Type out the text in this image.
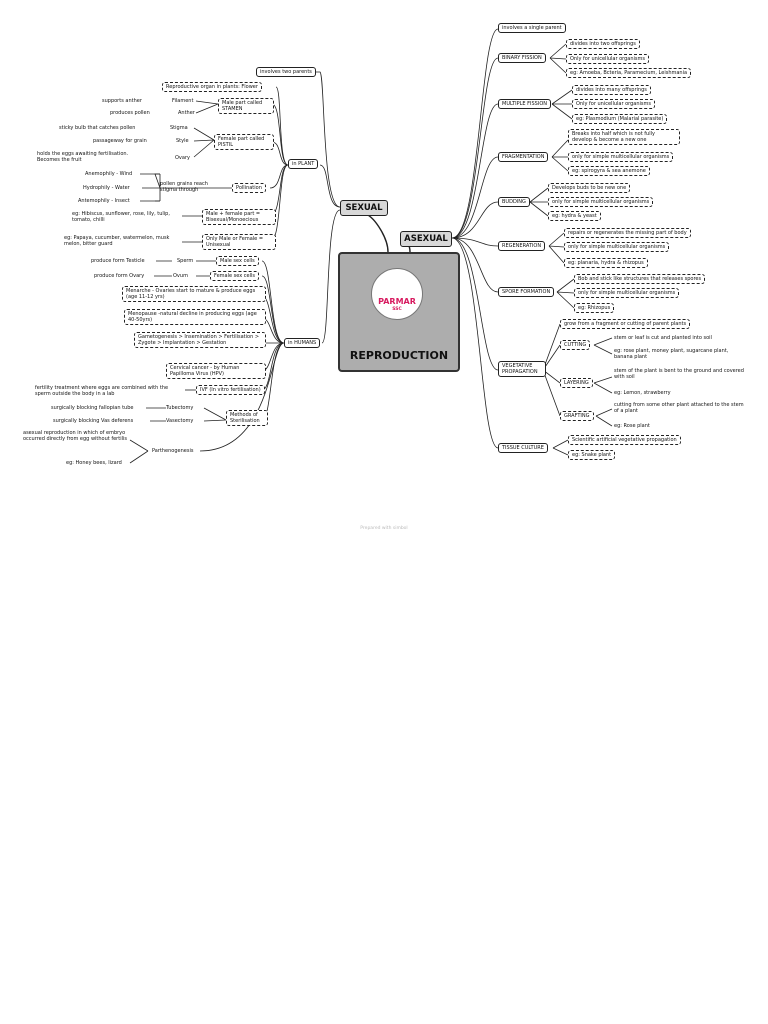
REPRODUCTION
PARMAR
SSC
SEXUAL
ASEXUAL
involves two parents
in PLANT
Reproductive organ in plants: Flower
Male part called STAMEN
Filament
supports anther
Anther
produces pollen
Female part called PISTIL
Stigma
sticky bulb that catches pollen
Style
passageway for grain
Ovary
holds the eggs awaiting fertilisation. Becomes the fruit
Pollination
pollen grains reach stigma through
Anemophily - Wind
Hydrophily - Water
Antemophily - Insect
Male + female part = Bisexual/Monoecious
eg: Hibiscus, sunflower, rose, lily, tulip, tomato, chilli
Only Male or Female = Unisexual
eg: Papaya, cucumber, watermelon, musk melon, bitter guard
in HUMANS
Male sex cells
Sperm
produce form Testicle
Female sex cells
Ovum
produce form Ovary
Menarche - Ovaries start to mature & produce eggs (age 11-12 yrs)
Menopause -natural decline in producing eggs (age 40-50yrs)
Gametogenesis > Insemination > Fertilisation > Zygote > Implantation > Gestation
Cervical cancer - by Human Papilloma Virus (HPV)
IVF (In vitro fertilisation)
fertility treatment where eggs are combined with the sperm outside the body in a lab
Methods of Sterilisation
Tubectomy
surgically blocking fallopian tube
Vasectomy
surgically blocking Vas deferens
Parthenogenesis
asexual reproduction in which of embryo occurred directly from egg without fertilis
eg: Honey bees, lizard
involves a single parent
BINARY FISSION
divides into two offsprings
Only for unicellular organisms
eg: Amoeba, Bcteria, Paramecium, Leishmania
MULTIPLE FISSION
divides into many offsprings
Only for unicellular organisms
eg: Plasmodium (Malarial parasite)
FRAGMENTATION
Breaks into half which is not fully develop & become a new one
only for simple multicellular organisms
eg: spirogyra & sea anemone
BUDDING
Develops buds to be new one
only for simple multicellular organisms
eg: hydra & yeast
REGENERATION
repairs or regenerates the missing part of body
only for simple multicellular organisms
eg: planaria, hydra & rhizopus
SPORE FORMATION
Bob and stick like structures that releases spores
only for simple multicellular organisms
eg: Rhizopus
VEGETATIVE PROPAGATION
grow from a fragment or cutting of parent plants
CUTTING
stem or leaf is cut and planted into soil
eg: rose plant, money plant, sugarcane plant, banana plant
LAYERING
stem of the plant is bent to the ground and covered with soil
eg: Lemon, strawberry
GRAFTING
cutting from some other plant attached to the stem of a plant
eg: Rose plant
TISSUE CULTURE
Scientific artificial vegetative propagation
eg: Snake plant
Prepared with simbol
